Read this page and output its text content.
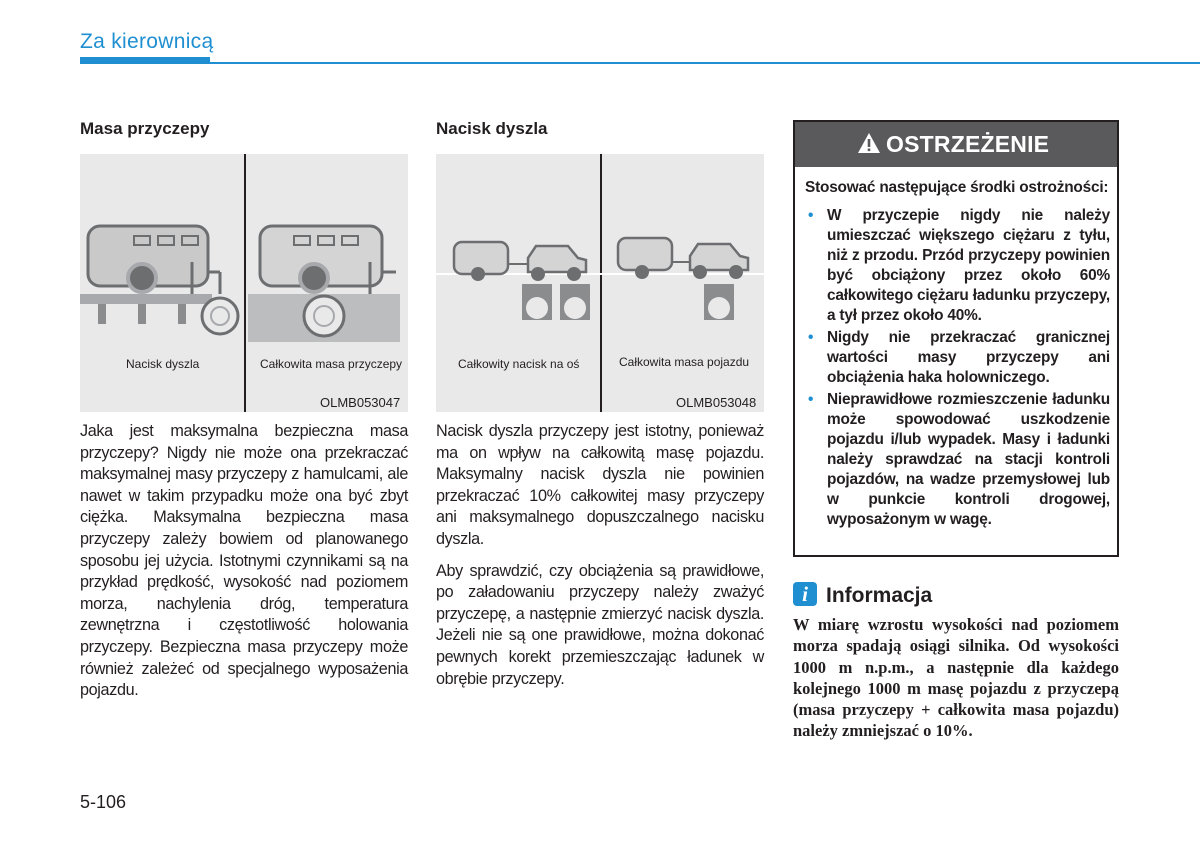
Za kierownicą
Masa przyczepy
Nacisk dyszla	Całkowita masa przyczepy
OLMB053047

Jaka jest maksymalna bezpieczna masa przyczepy? Nigdy nie może ona przekraczać maksymalnej masy przyczepy z hamulcami, ale nawet w takim przypadku może ona być zbyt ciężka. Maksymalna bezpieczna masa przyczepy zależy bowiem od planowanego sposobu jej użycia. Istotnymi czynnikami są na przykład prędkość, wysokość nad poziomem morza, nachylenia dróg, temperatura zewnętrzna i częstotliwość holowania przyczepy. Bezpieczna masa przyczepy może również zależeć od specjalnego wyposażenia pojazdu.

Nacisk dyszla
Całkowity nacisk na oś	Całkowita masa pojazdu
OLMB053048

Nacisk dyszla przyczepy jest istotny, ponieważ ma on wpływ na całkowitą masę pojazdu. Maksymalny nacisk dyszla nie powinien przekraczać 10% całkowitej masy przyczepy ani maksymalnego dopuszczalnego nacisku dyszla.

Aby sprawdzić, czy obciążenia są prawidłowe, po załadowaniu przyczepy należy zważyć przyczepę, a następnie zmierzyć nacisk dyszla. Jeżeli nie są one prawidłowe, można dokonać pewnych korekt przemieszczając ładunek w obrębie przyczepy.

OSTRZEŻENIE

Stosować następujące środki ostrożności:

• W przyczepie nigdy nie należy umieszczać większego ciężaru z tyłu, niż z przodu. Przód przyczepy powinien być obciążony przez około 60% całkowitego ciężaru ładunku przyczepy, a tył przez około 40%.
• Nigdy nie przekraczać granicznej wartości masy przyczepy ani obciążenia haka holowniczego.
• Nieprawidłowe rozmieszczenie ładunku może spowodować uszkodzenie pojazdu i/lub wypadek. Masy i ładunki należy sprawdzać na stacji kontroli pojazdów, na wadze przemysłowej lub w punkcie kontroli drogowej, wyposażonym w wagę.
i Informacja
W miarę wzrostu wysokości nad poziomem morza spadają osiągi silnika. Od wysokości 1000 m n.p.m., a następnie dla każdego kolejnego 1000 m masę pojazdu z przyczepą (masa przyczepy + całkowita masa pojazdu) należy zmniejszać o 10%.
5-106
